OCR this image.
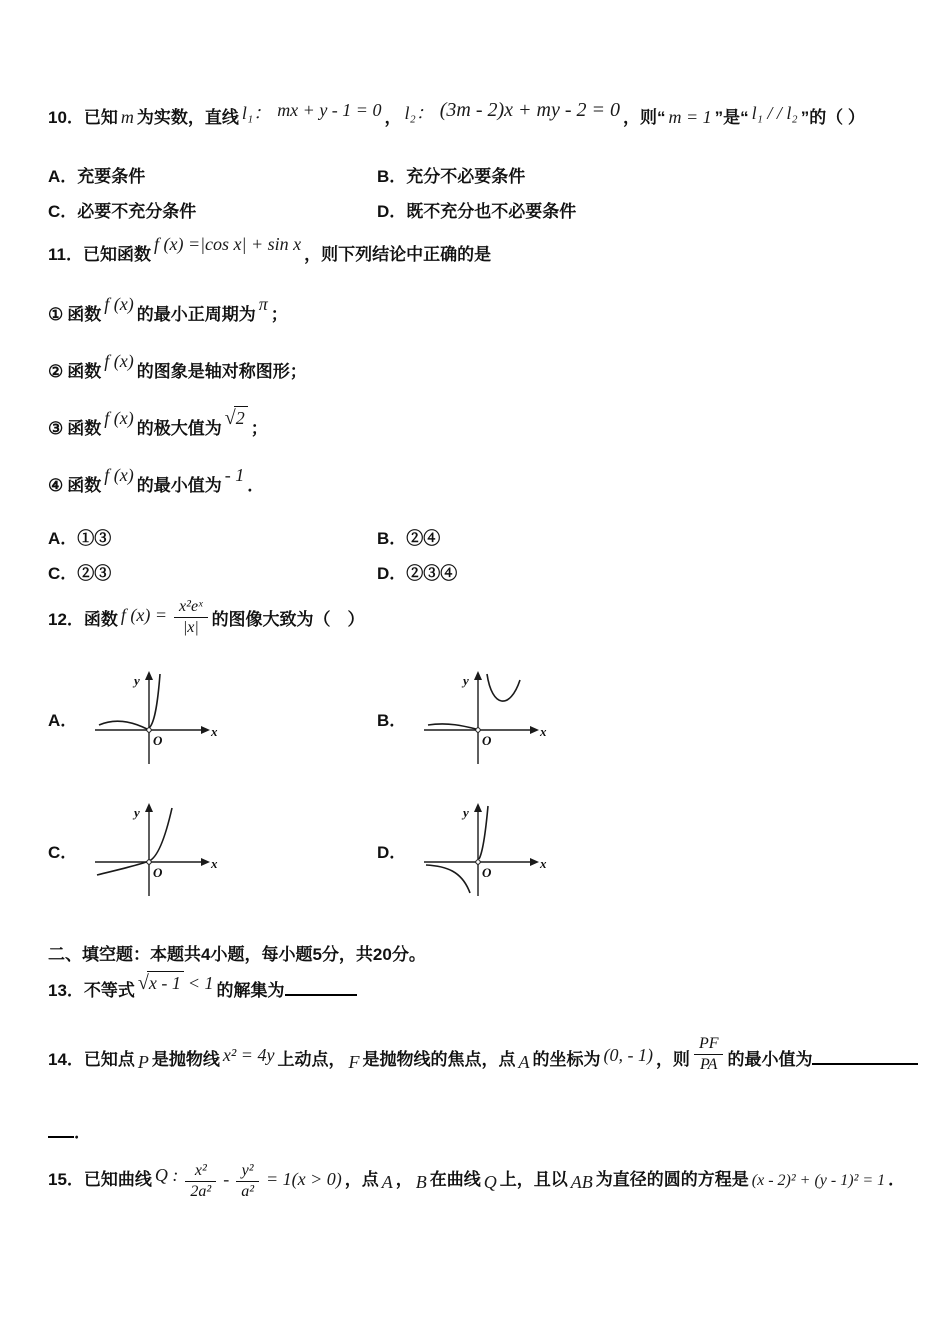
10．已知 m 为实数，直线 l₁： mx + y - 1 = 0 ， l₂： (3m - 2)x + my - 2 = 0 ，则“ m = 1 ”是“ l₁ / / l₂ ”的（ ）
A．充要条件	B．充分不必要条件
C．必要不充分条件	D．既不充分也不必要条件
11．已知函数f (x) =|cos x| + sin x，则下列结论中正确的是
① 函数f (x)的最小正周期为π；
② 函数f (x)的图象是轴对称图形；
③ 函数f (x)的极大值为 √ 2；
④ 函数f (x)的最小值为- 1．
A．①③	B．②④
C．②③	D．②③④
12．函数 f $(x) = \frac{\text{x²eˣ}}{|x|}$ 的图像大致为（　）
A．
y
x
O
B．
y
x
O
C．
y
x
O
D．
y
x
O
二、填空题：本题共4小题，每小题5分，共20分。
13．不等式 √ x - 1 < 1 的解集为
14．已知点 P 是抛物线 x² = 4y 上动点， F 是抛物线的焦点，点 A 的坐标为 (0, - 1) ，则 $\frac{PF}{PA}$ 的最小值为
．
15．已知曲线 Q : $\frac{\text{x²}}{\text{2a²}} - \frac{\text{y²}}{\text{a²}} = 1(x > 0)$ ，点 A ， B 在曲线 Q 上，且以 AB 为直径的圆的方程是 (x - 2)² + (y - 1)² = 1 ．
